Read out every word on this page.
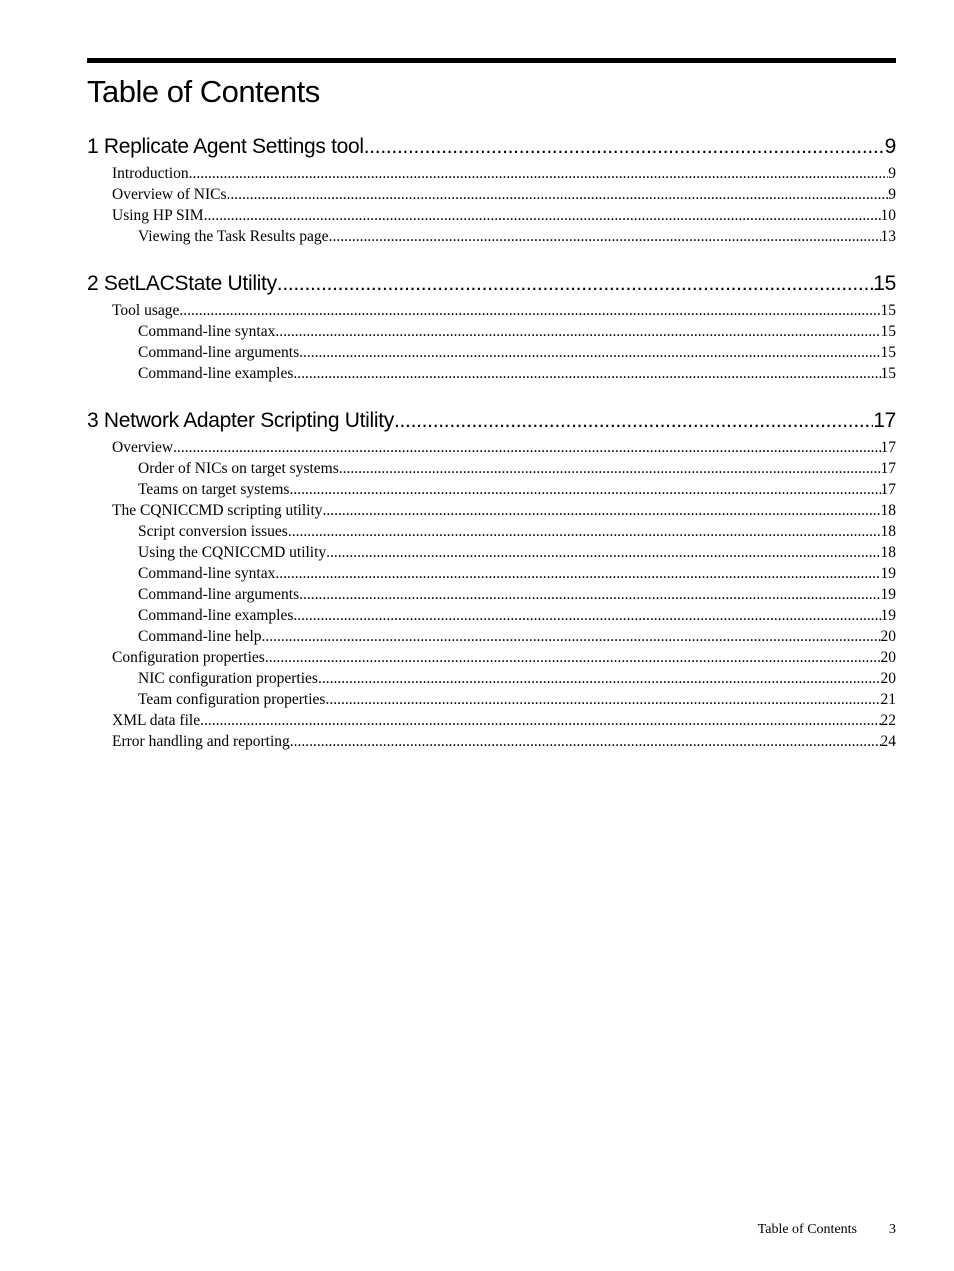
Table of Contents
1 Replicate Agent Settings tool .....	9
Introduction .....	9
Overview of NICs .....	9
Using HP SIM .....	10
Viewing the Task Results page .....	13
2 SetLACState Utility .....	15
Tool usage .....	15
Command-line syntax .....	15
Command-line arguments .....	15
Command-line examples .....	15
3 Network Adapter Scripting Utility .....	17
Overview .....	17
Order of NICs on target systems .....	17
Teams on target systems .....	17
The CQNICCMD scripting utility .....	18
Script conversion issues .....	18
Using the CQNICCMD utility .....	18
Command-line syntax .....	19
Command-line arguments .....	19
Command-line examples .....	19
Command-line help .....	20
Configuration properties .....	20
NIC configuration properties .....	20
Team configuration properties .....	21
XML data file .....	22
Error handling and reporting .....	24
Table of Contents 3
